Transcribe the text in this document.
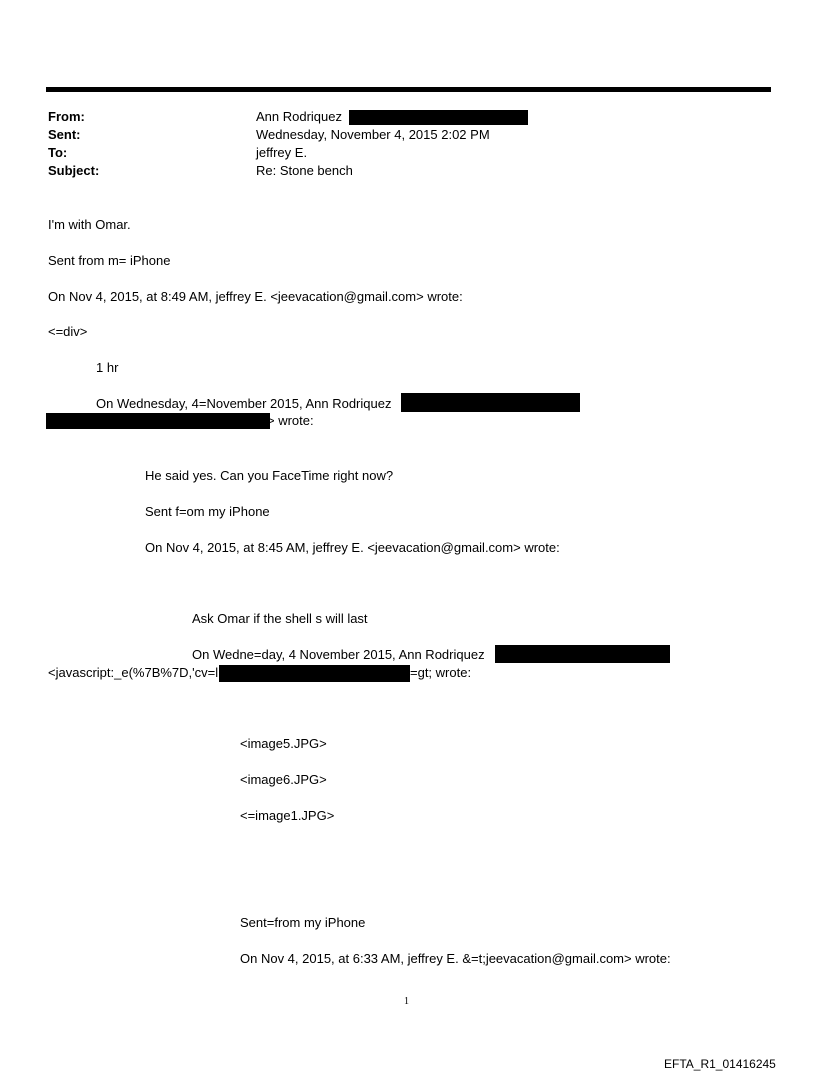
From:	Ann Rodriquez
Sent:	Wednesday, November 4, 2015 2:02 PM
To:	jeffrey E.
Subject:	Re: Stone bench
I'm with Omar.
Sent from m= iPhone
On Nov 4, 2015, at 8:49 AM, jeffrey E. <jeevacation@gmail.com> wrote:
<=div>
1 hr
On Wednesday, 4=November 2015, Ann Rodriquez
> wrote:
He said yes. Can you FaceTime right now?
Sent f=om my iPhone
On Nov 4, 2015, at 8:45 AM, jeffrey E. <jeevacation@gmail.com> wrote:
Ask Omar if the shell s will last
On Wedne=day, 4 November 2015, Ann Rodriquez
<javascript:_e(%7B%7D,'cv=l	=gt; wrote:
<image5.JPG>
<image6.JPG>
<=image1.JPG>
Sent=from my iPhone
On Nov 4, 2015, at 6:33 AM, jeffrey E. &=t;jeevacation@gmail.com> wrote:
1
EFTA_R1_01416245
